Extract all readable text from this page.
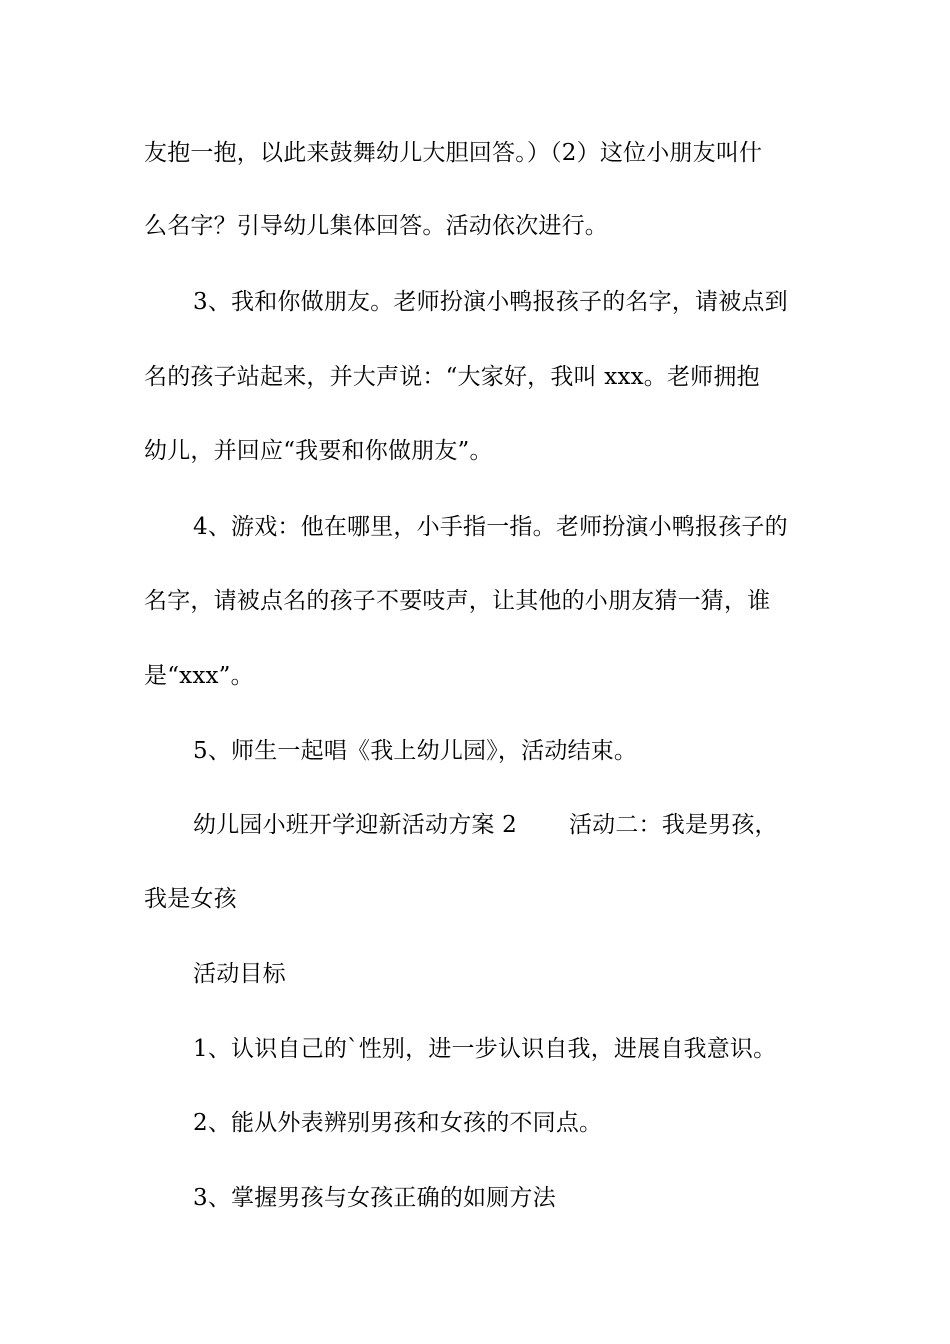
友抱一抱，以此来鼓舞幼儿大胆回答。）（2）这位小朋友叫什
么名字？引导幼儿集体回答。活动依次进行。
3、我和你做朋友。老师扮演小鸭报孩子的名字，请被点到
名的孩子站起来，并大声说：“大家好，我叫 xxx。老师拥抱
幼儿，并回应“我要和你做朋友”。
4、游戏：他在哪里，小手指一指。老师扮演小鸭报孩子的
名字，请被点名的孩子不要吱声，让其他的小朋友猜一猜，谁
是“xxx”。
5、师生一起唱《我上幼儿园》，活动结束。
幼儿园小班开学迎新活动方案 2 活动二：我是男孩，
我是女孩
活动目标
1、认识自己的`性别，进一步认识自我，进展自我意识。
2、能从外表辨别男孩和女孩的不同点。
3、掌握男孩与女孩正确的如厕方法
